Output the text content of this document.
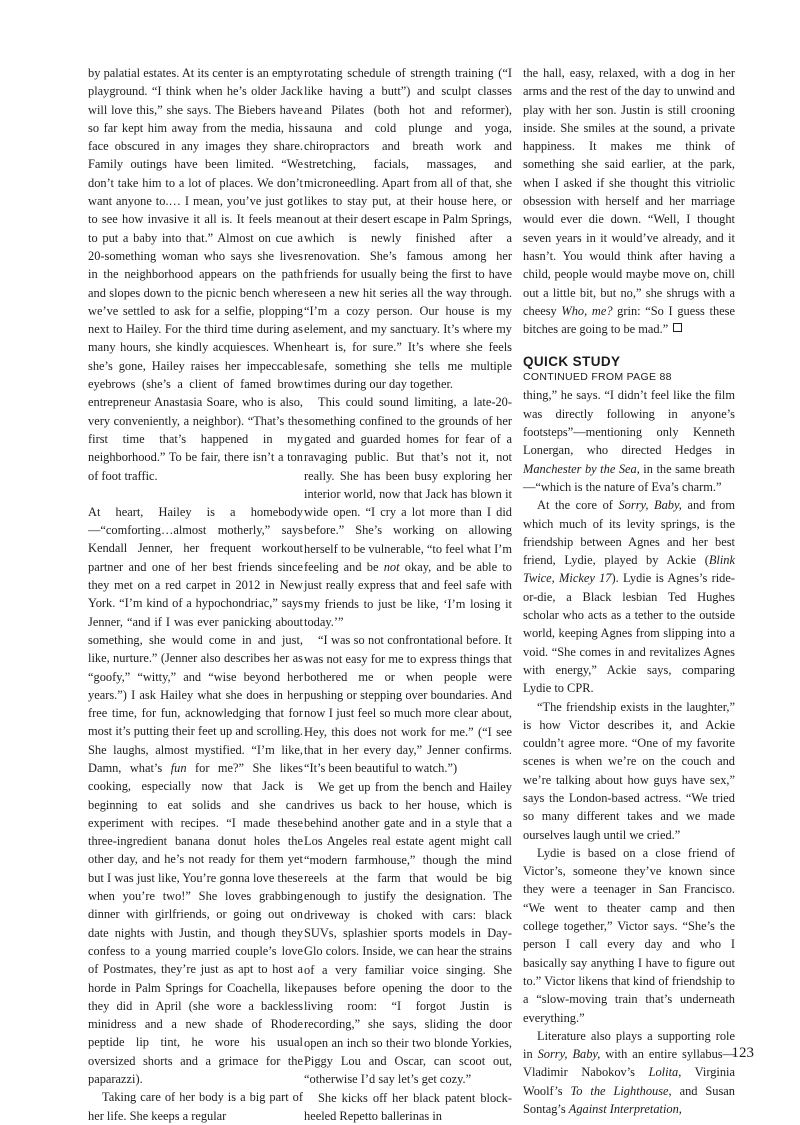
by palatial estates. At its center is an empty playground. “I think when he’s older Jack will love this,” she says. The Biebers have so far kept him away from the media, his face obscured in any images they share. Family outings have been limited. “We don’t take him to a lot of places. We don’t want anyone to.… I mean, you’ve just got to see how invasive it all is. It feels mean to put a baby into that.” Almost on cue a 20-something woman who says she lives in the neighborhood appears on the path and slopes down to the picnic bench where we’ve settled to ask for a selfie, plopping next to Hailey. For the third time during as many hours, she kindly acquiesces. When she’s gone, Hailey raises her impeccable eyebrows (she’s a client of famed brow entrepreneur Anastasia Soare, who is also, very conveniently, a neighbor). “That’s the first time that’s happened in my neighborhood.” To be fair, there isn’t a ton of foot traffic.

At heart, Hailey is a homebody—“comforting…almost motherly,” says Kendall Jenner, her frequent workout partner and one of her best friends since they met on a red carpet in 2012 in New York. “I’m kind of a hypochondriac,” says Jenner, “and if I was ever panicking about something, she would come in and just, like, nurture.” (Jenner also describes her as “goofy,” “witty,” and “wise beyond her years.”) I ask Hailey what she does in her free time, for fun, acknowledging that for most it’s putting their feet up and scrolling. She laughs, almost mystified. “I’m like, Damn, what’s fun for me?” She likes cooking, especially now that Jack is beginning to eat solids and she can experiment with recipes. “I made these three-ingredient banana donut holes the other day, and he’s not ready for them yet but I was just like, You’re gonna love these when you’re two!” She loves grabbing dinner with girlfriends, or going out on date nights with Justin, and though they confess to a young married couple’s love of Postmates, they’re just as apt to host a horde in Palm Springs for Coachella, like they did in April (she wore a backless minidress and a new shade of Rhode peptide lip tint, he wore his usual oversized shorts and a grimace for the paparazzi).

Taking care of her body is a big part of her life. She keeps a regular

rotating schedule of strength training (“I like having a butt”) and sculpt classes and Pilates (both hot and reformer), sauna and cold plunge and yoga, chiropractors and breath work and stretching, facials, massages, and microneedling. Apart from all of that, she likes to stay put, at their house here, or out at their desert escape in Palm Springs, which is newly finished after a renovation. She’s famous among her friends for usually being the first to have seen a new hit series all the way through. “I’m a cozy person. Our house is my element, and my sanctuary. It’s where my heart is, for sure.” It’s where she feels safe, something she tells me multiple times during our day together.

This could sound limiting, a late-20-something confined to the grounds of her gated and guarded homes for fear of a ravaging public. But that’s not it, not really. She has been busy exploring her interior world, now that Jack has blown it wide open. “I cry a lot more than I did before.” She’s working on allowing herself to be vulnerable, “to feel what I’m feeling and be not okay, and be able to just really express that and feel safe with my friends to just be like, ‘I’m losing it today.’”

“I was so not confrontational before. It was not easy for me to express things that bothered me or when people were pushing or stepping over boundaries. And now I just feel so much more clear about, Hey, this does not work for me.” (“I see that in her every day,” Jenner confirms. “It’s been beautiful to watch.”)

We get up from the bench and Hailey drives us back to her house, which is behind another gate and in a style that a Los Angeles real estate agent might call “modern farmhouse,” though the mind reels at the farm that would be big enough to justify the designation. The driveway is choked with cars: black SUVs, splashier sports models in Day-Glo colors. Inside, we can hear the strains of a very familiar voice singing. She pauses before opening the door to the living room: “I forgot Justin is recording,” she says, sliding the door open an inch so their two blonde Yorkies, Piggy Lou and Oscar, can scoot out, “otherwise I’d say let’s get cozy.”

She kicks off her black patent block-heeled Repetto ballerinas in

the hall, easy, relaxed, with a dog in her arms and the rest of the day to unwind and play with her son. Justin is still crooning inside. She smiles at the sound, a private happiness. It makes me think of something she said earlier, at the park, when I asked if she thought this vitriolic obsession with herself and her marriage would ever die down. “Well, I thought seven years in it would’ve already, and it hasn’t. You would think after having a child, people would maybe move on, chill out a little bit, but no,” she shrugs with a cheesy Who, me? grin: “So I guess these bitches are going to be mad.”

QUICK STUDY
CONTINUED FROM PAGE 88

thing,” he says. “I didn’t feel like the film was directly following in anyone’s footsteps”—mentioning only Kenneth Lonergan, who directed Hedges in Manchester by the Sea, in the same breath—“which is the nature of Eva’s charm.”

At the core of Sorry, Baby, and from which much of its levity springs, is the friendship between Agnes and her best friend, Lydie, played by Ackie (Blink Twice, Mickey 17). Lydie is Agnes’s ride-or-die, a Black lesbian Ted Hughes scholar who acts as a tether to the outside world, keeping Agnes from slipping into a void. “She comes in and revitalizes Agnes with energy,” Ackie says, comparing Lydie to CPR.

“The friendship exists in the laughter,” is how Victor describes it, and Ackie couldn’t agree more. “One of my favorite scenes is when we’re on the couch and we’re talking about how guys have sex,” says the London-based actress. “We tried so many different takes and we made ourselves laugh until we cried.”

Lydie is based on a close friend of Victor’s, someone they’ve known since they were a teenager in San Francisco. “We went to theater camp and then college together,” Victor says. “She’s the person I call every day and who I basically say anything I have to figure out to.” Victor likens that kind of friendship to a “slow-moving train that’s underneath everything.”

Literature also plays a supporting role in Sorry, Baby, with an entire syllabus—Vladimir Nabokov’s Lolita, Virginia Woolf’s To the Lighthouse, and Susan Sontag’s Against Interpretation,

123
